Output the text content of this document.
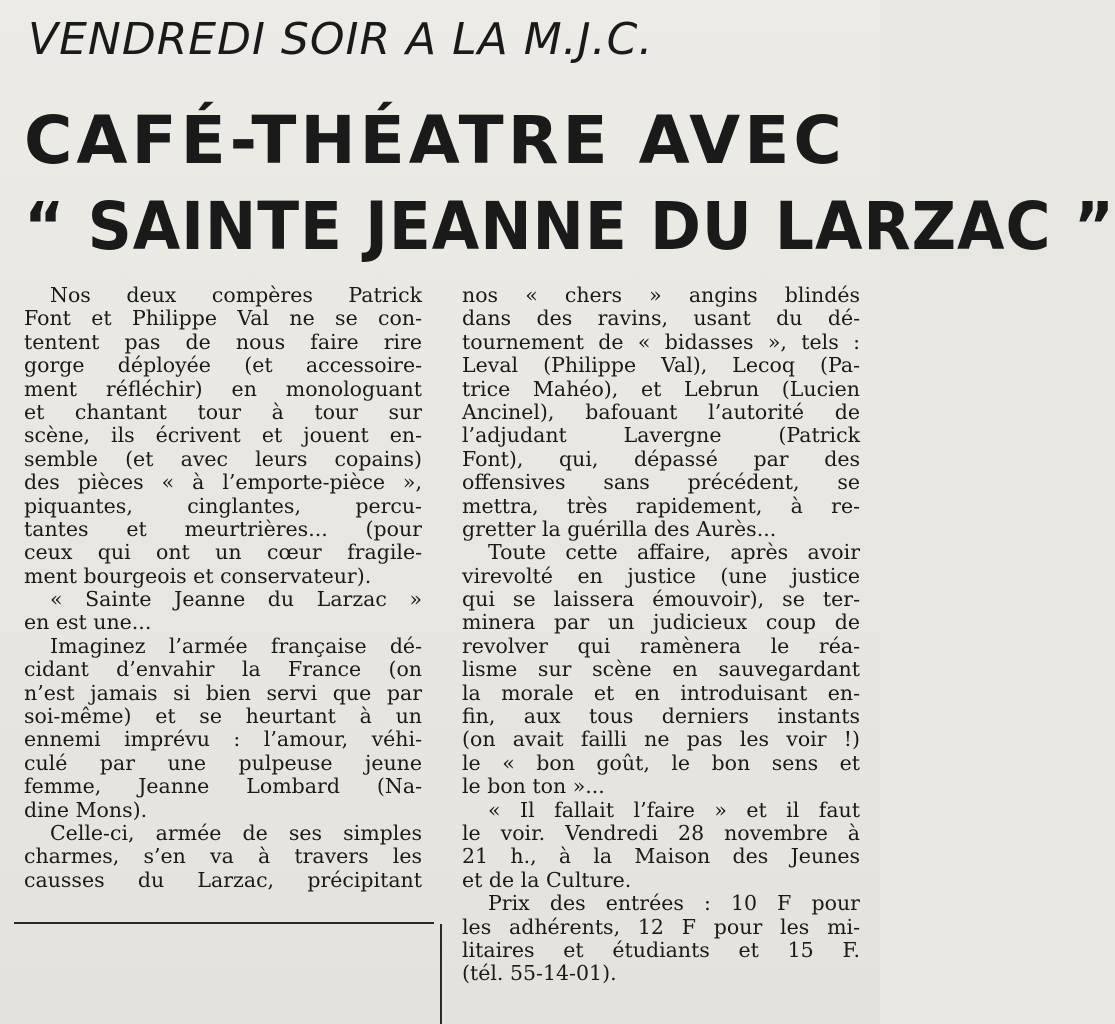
VENDREDI SOIR A LA M.J.C.
CAFÉ-THÉATRE AVEC
“ SAINTE JEANNE DU LARZAC ”
Nos deux compères Patrick
Font et Philippe Val ne se con-
tentent pas de nous faire rire
gorge déployée (et accessoire-
ment réfléchir) en monologuant
et chantant tour à tour sur
scène, ils écrivent et jouent en-
semble (et avec leurs copains)
des pièces « à l’emporte-pièce »,
piquantes, cinglantes, percu-
tantes et meurtrières... (pour
ceux qui ont un cœur fragile-
ment bourgeois et conservateur).
« Sainte Jeanne du Larzac »
en est une...
Imaginez l’armée française dé-
cidant d’envahir la France (on
n’est jamais si bien servi que par
soi-même) et se heurtant à un
ennemi imprévu : l’amour, véhi-
culé par une pulpeuse jeune
femme, Jeanne Lombard (Na-
dine Mons).
Celle-ci, armée de ses simples
charmes, s’en va à travers les
causses du Larzac, précipitant
nos « chers » angins blindés
dans des ravins, usant du dé-
tournement de « bidasses », tels :
Leval (Philippe Val), Lecoq (Pa-
trice Mahéo), et Lebrun (Lucien
Ancinel), bafouant l’autorité de
l’adjudant Lavergne (Patrick
Font), qui, dépassé par des
offensives sans précédent, se
mettra, très rapidement, à re-
gretter la guérilla des Aurès...
Toute cette affaire, après avoir
virevolté en justice (une justice
qui se laissera émouvoir), se ter-
minera par un judicieux coup de
revolver qui ramènera le réa-
lisme sur scène en sauvegardant
la morale et en introduisant en-
fin, aux tous derniers instants
(on avait failli ne pas les voir !)
le « bon goût, le bon sens et
le bon ton »...
« Il fallait l’faire » et il faut
le voir. Vendredi 28 novembre à
21 h., à la Maison des Jeunes
et de la Culture.
Prix des entrées : 10 F pour
les adhérents, 12 F pour les mi-
litaires et étudiants et 15 F.
(tél. 55-14-01).
